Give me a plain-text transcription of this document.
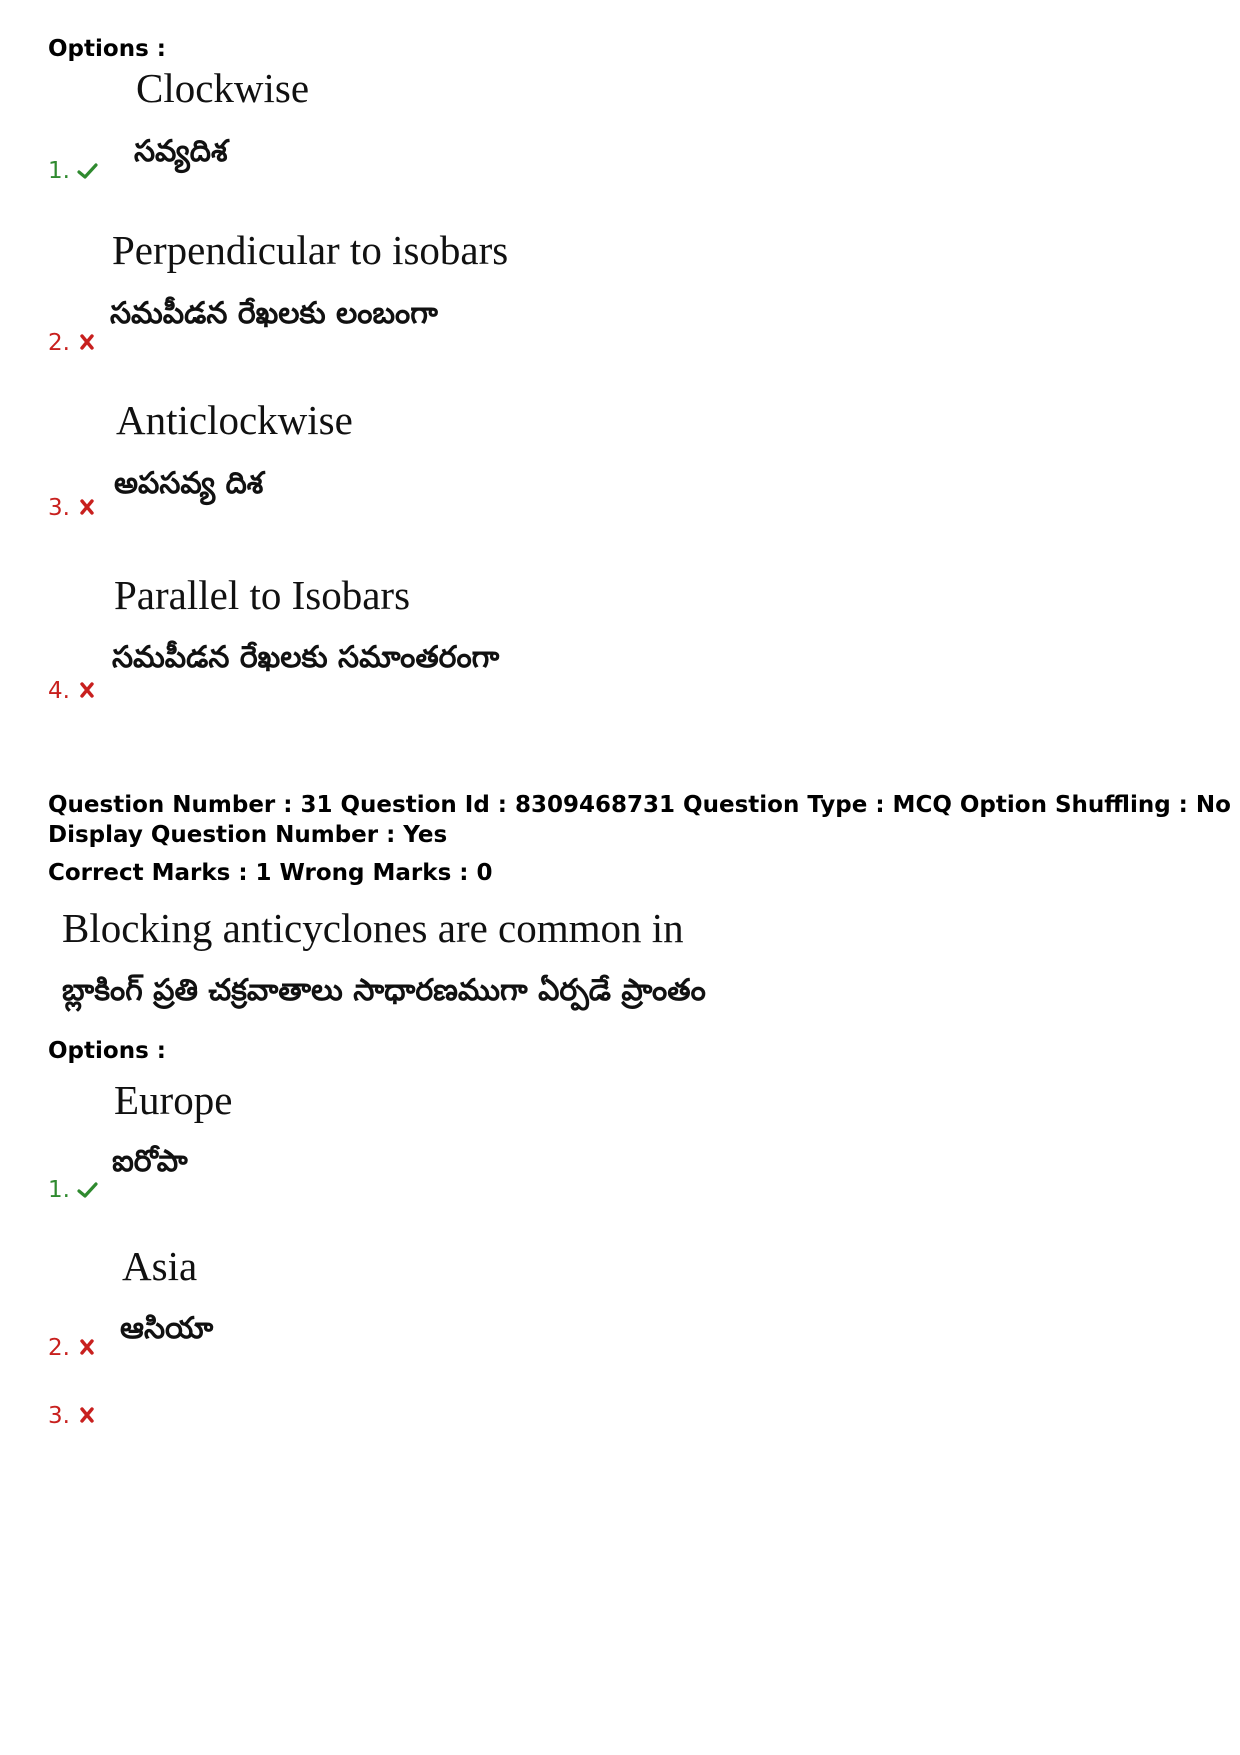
Options :
Clockwise
సవ్యదిశ
1.
Perpendicular to isobars
సమపీడన రేఖలకు లంబంగా
2.
Anticlockwise
అపసవ్య దిశ
3.
Parallel to Isobars
సమపీడన రేఖలకు సమాంతరంగా
4.
Question Number : 31 Question Id : 8309468731 Question Type : MCQ Option Shuffling : No
Display Question Number : Yes
Correct Marks : 1 Wrong Marks : 0
Blocking anticyclones are common in
బ్లాకింగ్ ప్రతి చక్రవాతాలు సాధారణముగా ఏర్పడే ప్రాంతం
Options :
Europe
ఐరోపా
1.
Asia
ఆసియా
2.
3.
